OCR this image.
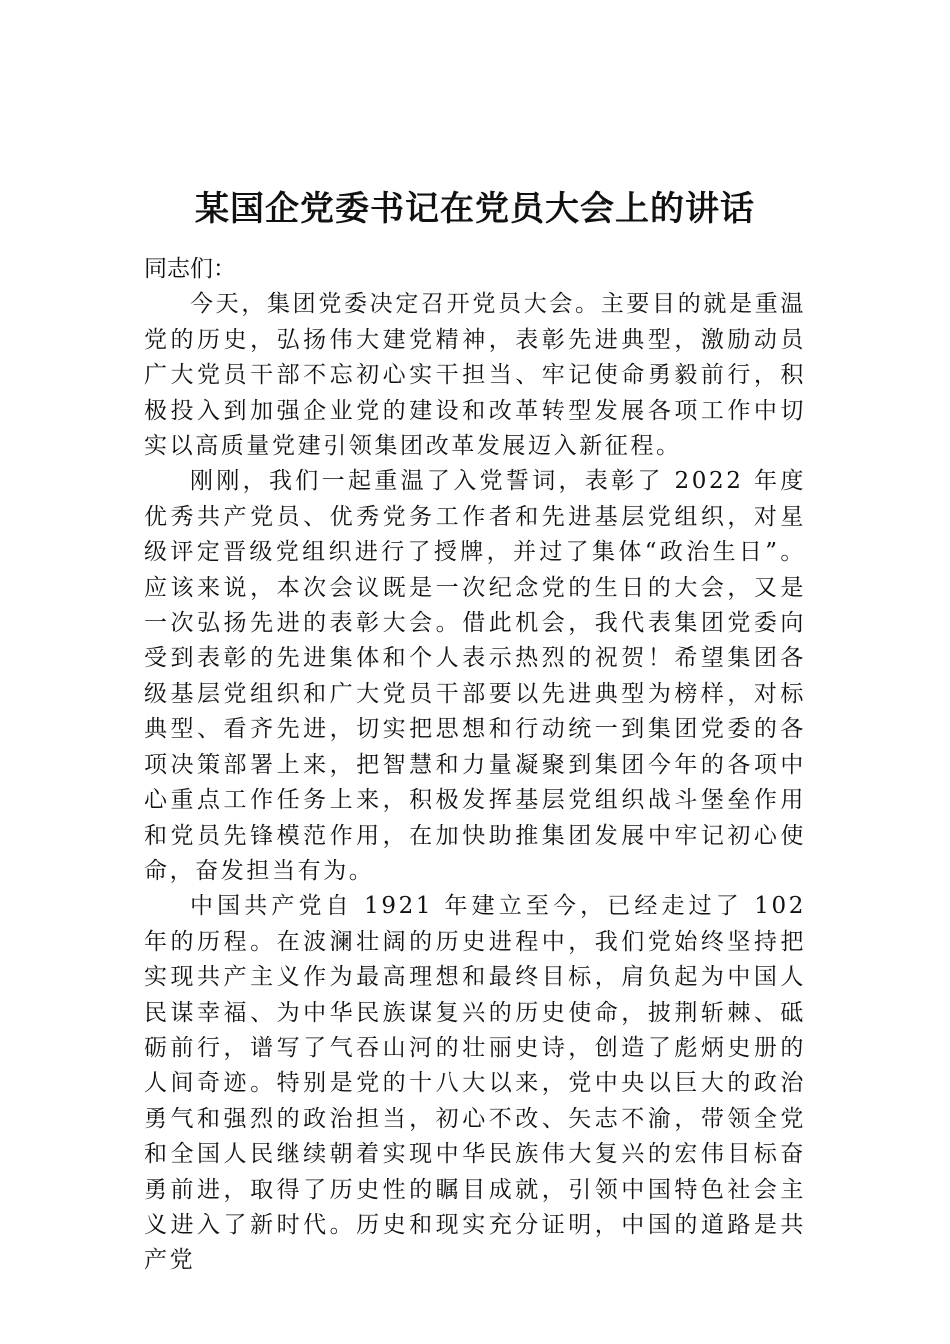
某国企党委书记在党员大会上的讲话

同志们：

今天，集团党委决定召开党员大会。主要目的就是重温党的历史，弘扬伟大建党精神，表彰先进典型，激励动员广大党员干部不忘初心实干担当、牢记使命勇毅前行，积极投入到加强企业党的建设和改革转型发展各项工作中切实以高质量党建引领集团改革发展迈入新征程。

刚刚，我们一起重温了入党誓词，表彰了 2022 年度优秀共产党员、优秀党务工作者和先进基层党组织，对星级评定晋级党组织进行了授牌，并过了集体“政治生日”。应该来说，本次会议既是一次纪念党的生日的大会，又是一次弘扬先进的表彰大会。借此机会，我代表集团党委向受到表彰的先进集体和个人表示热烈的祝贺！希望集团各级基层党组织和广大党员干部要以先进典型为榜样，对标典型、看齐先进，切实把思想和行动统一到集团党委的各项决策部署上来，把智慧和力量凝聚到集团今年的各项中心重点工作任务上来，积极发挥基层党组织战斗堡垒作用和党员先锋模范作用，在加快助推集团发展中牢记初心使命，奋发担当有为。

中国共产党自 1921 年建立至今，已经走过了 102 年的历程。在波澜壮阔的历史进程中，我们党始终坚持把实现共产主义作为最高理想和最终目标，肩负起为中国人民谋幸福、为中华民族谋复兴的历史使命，披荆斩棘、砥砺前行，谱写了气吞山河的壮丽史诗，创造了彪炳史册的人间奇迹。特别是党的十八大以来，党中央以巨大的政治勇气和强烈的政治担当，初心不改、矢志不渝，带领全党和全国人民继续朝着实现中华民族伟大复兴的宏伟目标奋勇前进，取得了历史性的瞩目成就，引领中国特色社会主义进入了新时代。历史和现实充分证明，中国的道路是共产党
